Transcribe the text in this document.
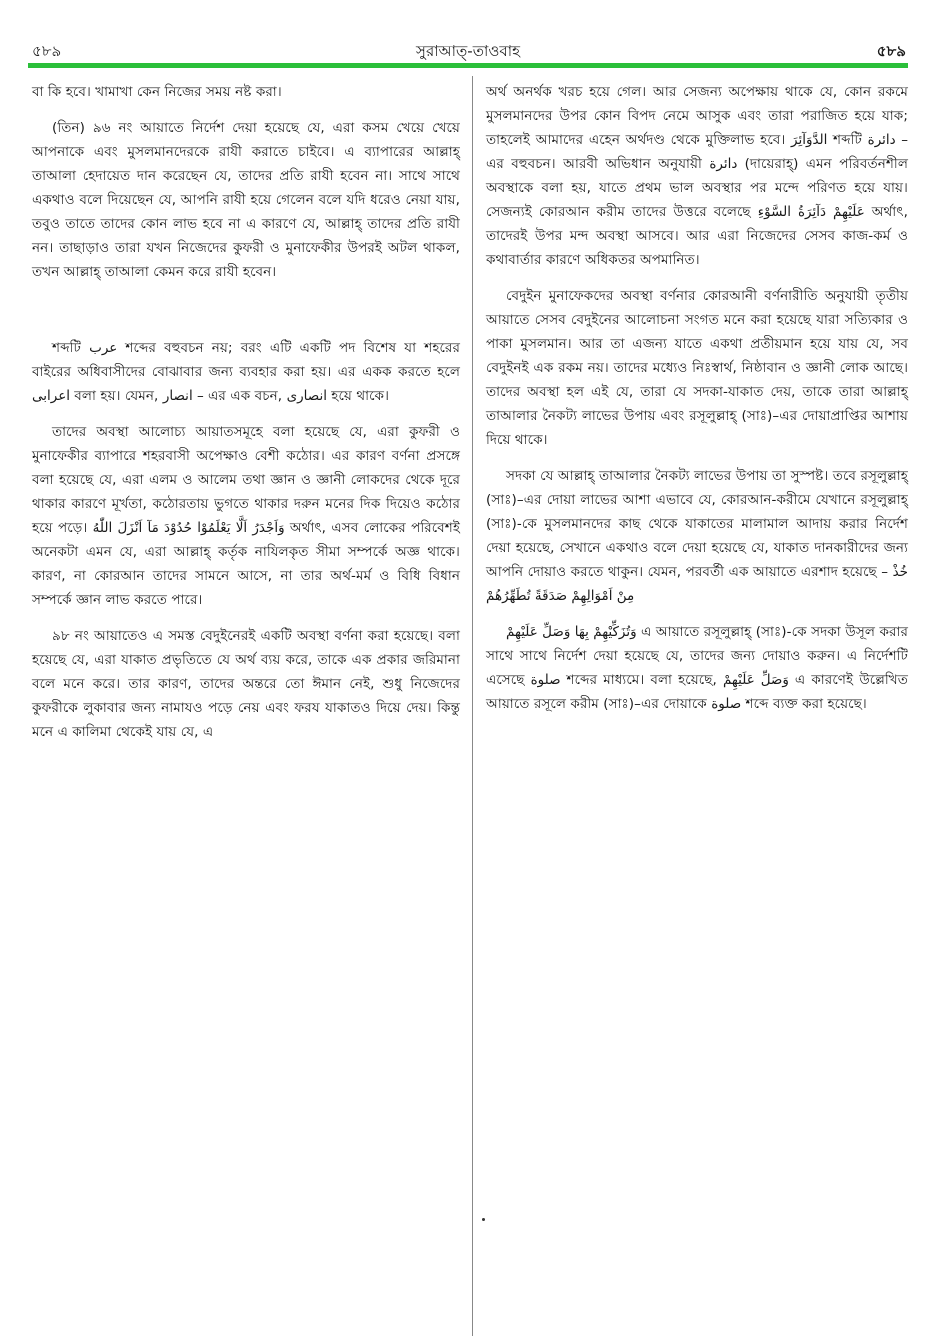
৫৮৯	সুরাআত্-তাওবাহ	৫৮৯

বা কি হবে। খামাখা কেন নিজের সময় নষ্ট করা।

(তিন) ৯৬ নং আয়াতে নির্দেশ দেয়া হয়েছে যে, এরা কসম খেয়ে খেয়ে আপনাকে এবং মুসলমানদেরকে রাযী করাতে চাইবে। এ ব্যাপারের আল্লাহ্ তাআলা হেদায়েত দান করেছেন যে, তাদের প্রতি রাযী হবেন না। সাথে সাথে একথাও বলে দিয়েছেন যে, আপনি রাযী হয়ে গেলেন বলে যদি ধরেও নেয়া যায়, তবুও তাতে তাদের কোন লাভ হবে না এ কারণে যে, আল্লাহ্ তাদের প্রতি রাযী নন। তাছাড়াও তারা যখন নিজেদের কুফরী ও মুনাফেকীর উপরই অটল থাকল, তখন আল্লাহ্ তাআলা কেমন করে রাযী হবেন।

শব্দটি عرب শব্দের বহুবচন নয়; বরং এটি একটি পদ বিশেষ যা শহরের বাইরের অধিবাসীদের বোঝাবার জন্য ব্যবহার করা হয়। এর একক করতে হলে اعرابى বলা হয়। যেমন, انصار – এর এক বচন, انصارى হয়ে থাকে।

তাদের অবস্থা আলোচ্য আয়াতসমূহে বলা হয়েছে যে, এরা কুফরী ও মুনাফেকীর ব্যাপারে শহরবাসী অপেক্ষাও বেশী কঠোর। এর কারণ বর্ণনা প্রসঙ্গে বলা হয়েছে যে, এরা এলম ও আলেম তথা জ্ঞান ও জ্ঞানী লোকদের থেকে দূরে থাকার কারণে মূর্খতা, কঠোরতায় ভুগতে থাকার দরুন মনের দিক দিয়েও কঠোর হয়ে পড়ে। وَاَجْدَرُ اَلَّا يَعْلَمُوْا حُدُوْدَ مَآ اَنْزَلَ اللّٰهُ অর্থাৎ, এসব লোকের পরিবেশই অনেকটা এমন যে, এরা আল্লাহ্ কর্তৃক নাযিলকৃত সীমা সম্পর্কে অজ্ঞ থাকে। কারণ, না কোরআন তাদের সামনে আসে, না তার অর্থ-মর্ম ও বিধি বিধান সম্পর্কে জ্ঞান লাভ করতে পারে।

৯৮ নং আয়াতেও এ সমস্ত বেদুইনেরই একটি অবস্থা বর্ণনা করা হয়েছে। বলা হয়েছে যে, এরা যাকাত প্রভৃতিতে যে অর্থ ব্যয় করে, তাকে এক প্রকার জরিমানা বলে মনে করে। তার কারণ, তাদের অন্তরে তো ঈমান নেই, শুধু নিজেদের কুফরীকে লুকাবার জন্য নামাযও পড়ে নেয় এবং ফরয যাকাতও দিয়ে দেয়। কিন্তু মনে এ কালিমা থেকেই যায় যে, এ

অর্থ অনর্থক খরচ হয়ে গেল। আর সেজন্য অপেক্ষায় থাকে যে, কোন রকমে মুসলমানদের উপর কোন বিপদ নেমে আসুক এবং তারা পরাজিত হয়ে যাক; তাহলেই আমাদের এহেন অর্থদণ্ড থেকে মুক্তিলাভ হবে। الدَّوَآئِرَ শব্দটি دائرة –এর বহুবচন। আরবী অভিধান অনুযায়ী دائرة (দায়েরাহ্) এমন পরিবর্তনশীল অবস্থাকে বলা হয়, যাতে প্রথম ভাল অবস্থার পর মন্দে পরিণত হয়ে যায়। সেজন্যই কোরআন করীম তাদের উত্তরে বলেছে عَلَيْهِمْ دَآئِرَةُ السَّوْءِ অর্থাৎ, তাদেরই উপর মন্দ অবস্থা আসবে। আর এরা নিজেদের সেসব কাজ-কর্ম ও কথাবার্তার কারণে অধিকতর অপমানিত।

বেদুইন মুনাফেকদের অবস্থা বর্ণনার কোরআনী বর্ণনারীতি অনুযায়ী তৃতীয় আয়াতে সেসব বেদুইনের আলোচনা সংগত মনে করা হয়েছে যারা সত্যিকার ও পাকা মুসলমান। আর তা এজন্য যাতে একথা প্রতীয়মান হয়ে যায় যে, সব বেদুইনই এক রকম নয়। তাদের মধ্যেও নিঃস্বার্থ, নিষ্ঠাবান ও জ্ঞানী লোক আছে। তাদের অবস্থা হল এই যে, তারা যে সদকা-যাকাত দেয়, তাকে তারা আল্লাহ্ তাআলার নৈকট্য লাভের উপায় এবং রসূলুল্লাহ্ (সাঃ)–এর দোয়াপ্রাপ্তির আশায় দিয়ে থাকে।

সদকা যে আল্লাহ্ তাআলার নৈকট্য লাভের উপায় তা সুস্পষ্ট। তবে রসূলুল্লাহ্ (সাঃ)–এর দোয়া লাভের আশা এভাবে যে, কোরআন-করীমে যেখানে রসূলুল্লাহ্ (সাঃ)-কে মুসলমানদের কাছ থেকে যাকাতের মালামাল আদায় করার নির্দেশ দেয়া হয়েছে, সেখানে একথাও বলে দেয়া হয়েছে যে, যাকাত দানকারীদের জন্য আপনি দোয়াও করতে থাকুন। যেমন, পরবর্তী এক আয়াতে এরশাদ হয়েছে – خُذْ مِنْ اَمْوَالِهِمْ صَدَقَةً تُطَهِّرُهُمْ

وَتُزَكِّيْهِمْ بِهَا وَصَلِّ عَلَيْهِمْ এ আয়াতে রসূলুল্লাহ্ (সাঃ)-কে সদকা উসূল করার সাথে সাথে নির্দেশ দেয়া হয়েছে যে, তাদের জন্য দোয়াও করুন। এ নির্দেশটি এসেছে صلوة শব্দের মাধ্যমে। বলা হয়েছে, وَصَلِّ عَلَيْهِمْ এ কারণেই উল্লেখিত আয়াতে রসূলে করীম (সাঃ)–এর দোয়াকে صلوة শব্দে ব্যক্ত করা হয়েছে।
